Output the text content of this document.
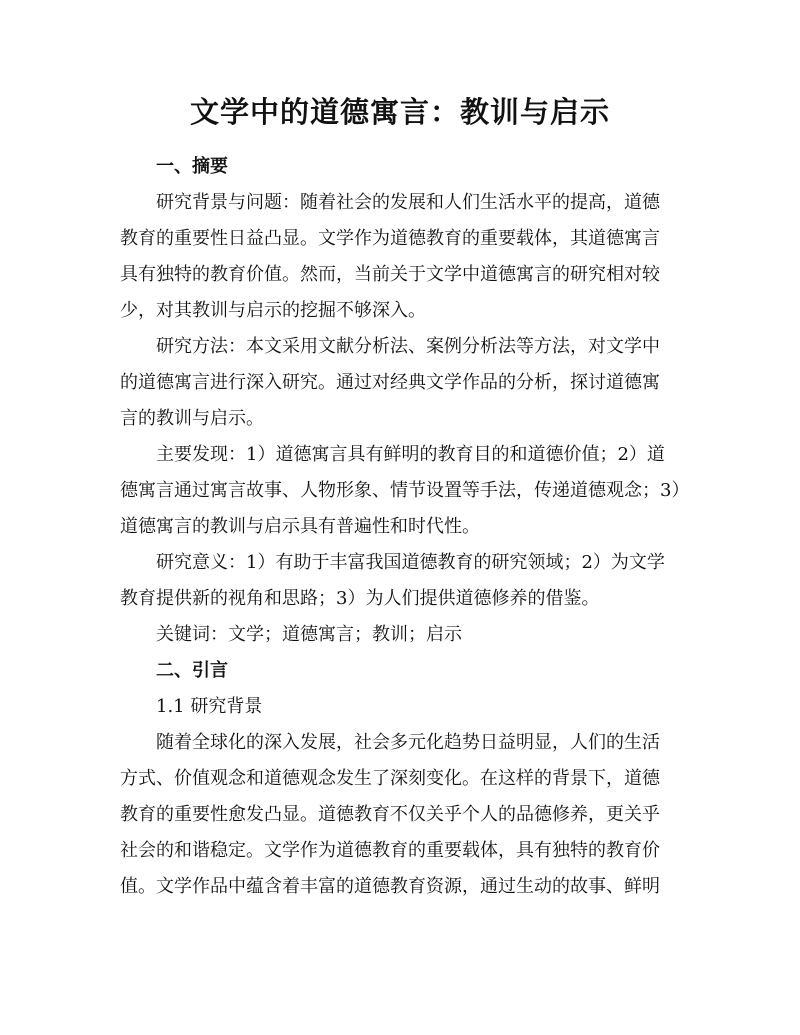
文学中的道德寓言：教训与启示
一、摘要
研究背景与问题：随着社会的发展和人们生活水平的提高，道德
教育的重要性日益凸显。文学作为道德教育的重要载体，其道德寓言
具有独特的教育价值。然而，当前关于文学中道德寓言的研究相对较
少，对其教训与启示的挖掘不够深入。
研究方法：本文采用文献分析法、案例分析法等方法，对文学中
的道德寓言进行深入研究。通过对经典文学作品的分析，探讨道德寓
言的教训与启示。
主要发现：1）道德寓言具有鲜明的教育目的和道德价值；2）道
德寓言通过寓言故事、人物形象、情节设置等手法，传递道德观念；3）
道德寓言的教训与启示具有普遍性和时代性。
研究意义：1）有助于丰富我国道德教育的研究领域；2）为文学
教育提供新的视角和思路；3）为人们提供道德修养的借鉴。
关键词：文学；道德寓言；教训；启示
二、引言
1.1 研究背景
随着全球化的深入发展，社会多元化趋势日益明显，人们的生活
方式、价值观念和道德观念发生了深刻变化。在这样的背景下，道德
教育的重要性愈发凸显。道德教育不仅关乎个人的品德修养，更关乎
社会的和谐稳定。文学作为道德教育的重要载体，具有独特的教育价
值。文学作品中蕴含着丰富的道德教育资源，通过生动的故事、鲜明
